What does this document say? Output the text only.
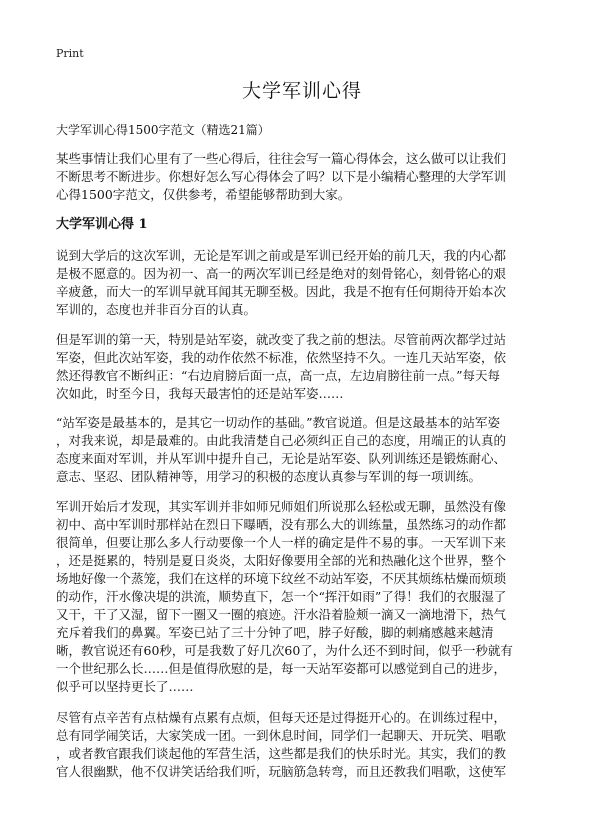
Print
大学军训心得
大学军训心得1500字范文（精选21篇）
某些事情让我们心里有了一些心得后，往往会写一篇心得体会，这么做可以让我们
不断思考不断进步。你想好怎么写心得体会了吗？以下是小编精心整理的大学军训
心得1500字范文，仅供参考，希望能够帮助到大家。
大学军训心得 1
说到大学后的这次军训，无论是军训之前或是军训已经开始的前几天，我的内心都
是极不愿意的。因为初一、高一的两次军训已经是绝对的刻骨铭心，刻骨铭心的艰
辛疲惫，而大一的军训早就耳闻其无聊至极。因此，我是不抱有任何期待开始本次
军训的，态度也并非百分百的认真。
但是军训的第一天，特别是站军姿，就改变了我之前的想法。尽管前两次都学过站
军姿，但此次站军姿，我的动作依然不标准，依然坚持不久。一连几天站军姿，依
然还得教官不断纠正：“右边肩膀后面一点，高一点，左边肩膀往前一点。”每天每
次如此，时至今日，我每天最害怕的还是站军姿……
“站军姿是最基本的，是其它一切动作的基础。”教官说道。但是这最基本的站军姿
，对我来说，却是最难的。由此我清楚自己必须纠正自己的态度，用端正的认真的
态度来面对军训，并从军训中提升自己，无论是站军姿、队列训练还是锻炼耐心、
意志、坚忍、团队精神等，用学习的积极的态度认真参与军训的每一项训练。
军训开始后才发现，其实军训并非如师兄师姐们所说那么轻松或无聊，虽然没有像
初中、高中军训时那样站在烈日下曝晒，没有那么大的训练量，虽然练习的动作都
很简单，但要让那么多人行动要像一个人一样的确定是件不易的事。一天军训下来
，还是挺累的，特别是夏日炎炎，太阳好像要用全部的光和热融化这个世界，整个
场地好像一个蒸笼，我们在这样的环境下纹丝不动站军姿，不厌其烦练枯燥而烦琐
的动作，汗水像决堤的洪流，顺势直下，怎一个“挥汗如雨”了得！我们的衣服湿了
又干，干了又湿，留下一圈又一圈的痕迹。汗水沿着脸颊一滴又一滴地滑下，热气
充斥着我们的鼻翼。军姿已站了三十分钟了吧，脖子好酸，脚的刺痛感越来越清
晰，教官说还有60秒，可是我数了好几次60了，为什么还不到时间，似乎一秒就有
一个世纪那么长……但是值得欣慰的是，每一天站军姿都可以感觉到自己的进步，
似乎可以坚持更长了……
尽管有点辛苦有点枯燥有点累有点烦，但每天还是过得挺开心的。在训练过程中，
总有同学闹笑话，大家笑成一团。一到休息时间，同学们一起聊天、开玩笑、唱歌
，或者教官跟我们谈起他的军营生活，这些都是我们的快乐时光。其实，我们的教
官人很幽默，他不仅讲笑话给我们听，玩脑筋急转弯，而且还教我们唱歌，这使军
